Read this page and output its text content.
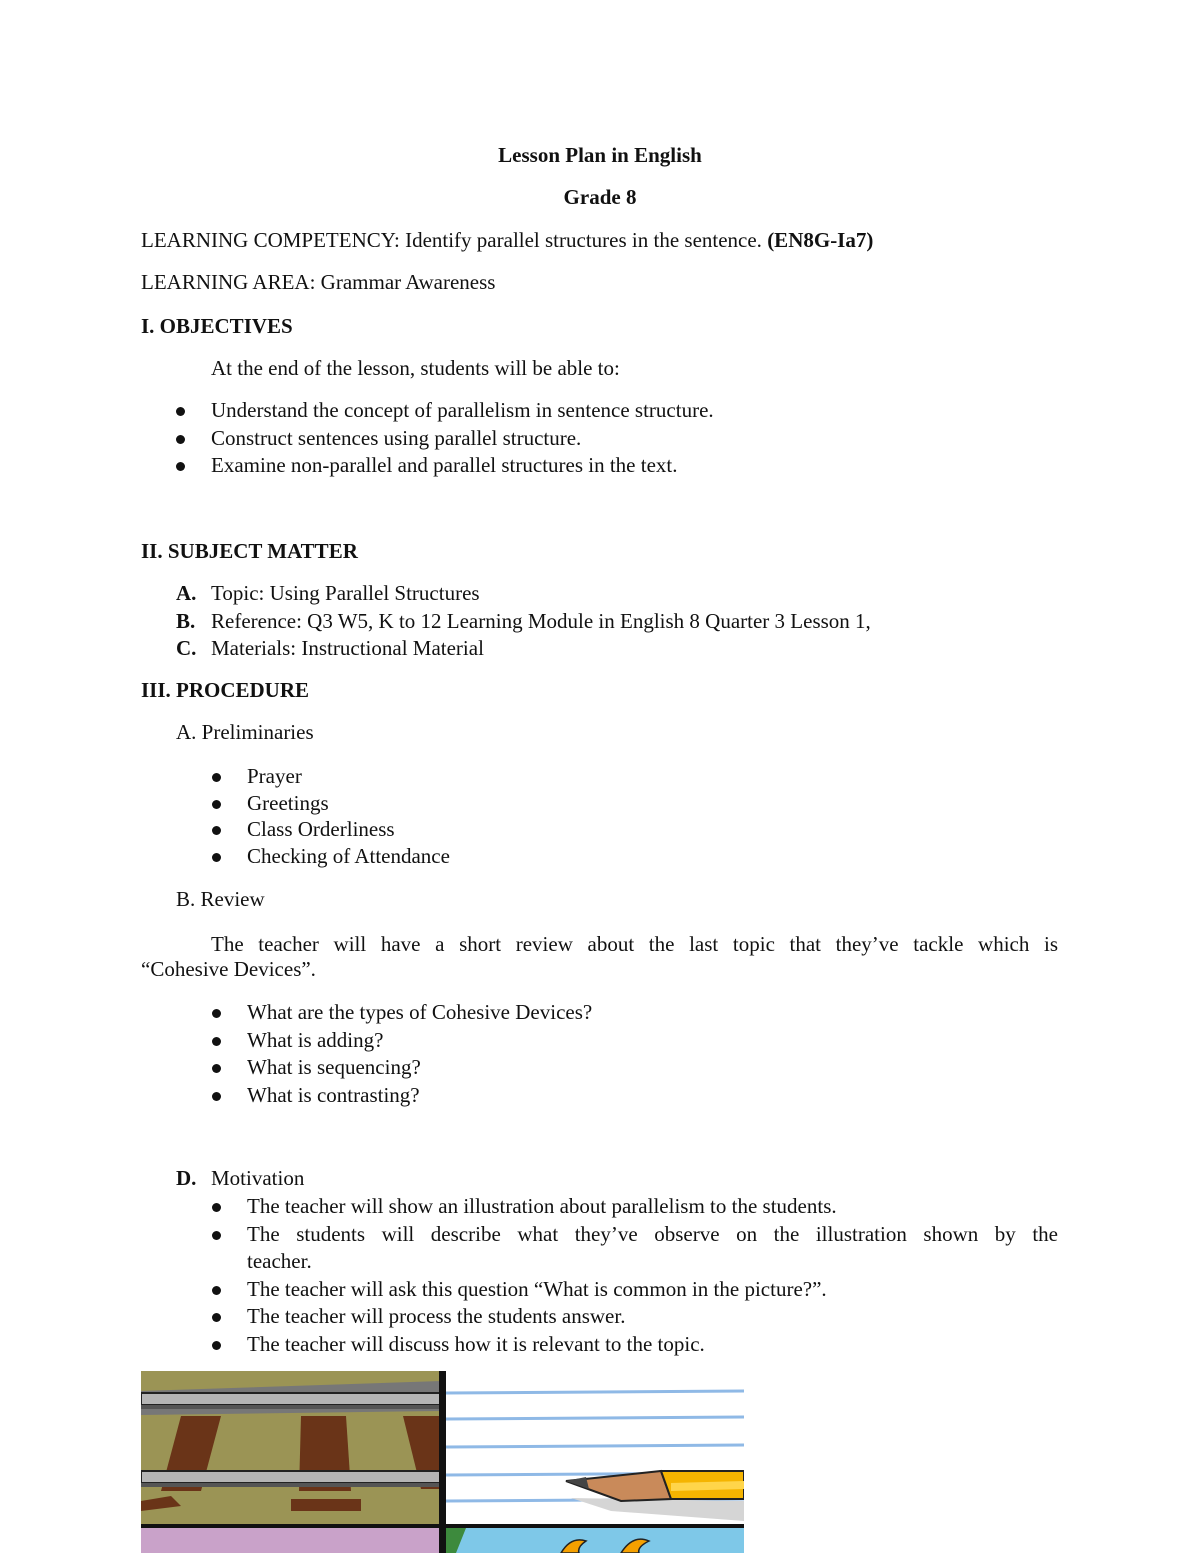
Lesson Plan in English
Grade 8
LEARNING COMPETENCY: Identify parallel structures in the sentence. (EN8G-Ia7)
LEARNING AREA: Grammar Awareness
I. OBJECTIVES
At the end of the lesson, students will be able to:
Understand the concept of parallelism in sentence structure.
Construct sentences using parallel structure.
Examine non-parallel and parallel structures in the text.
II. SUBJECT MATTER
A. Topic: Using Parallel Structures
B. Reference: Q3 W5, K to 12 Learning Module in English 8 Quarter 3 Lesson 1,
C. Materials: Instructional Material
III. PROCEDURE
A. Preliminaries
Prayer
Greetings
Class Orderliness
Checking of Attendance
B. Review
The teacher will have a short review about the last topic that they’ve tackle which is
“Cohesive Devices”.
What are the types of Cohesive Devices?
What is adding?
What is sequencing?
What is contrasting?
D. Motivation
The teacher will show an illustration about parallelism to the students.
The students will describe what they’ve observe on the illustration shown by the
teacher.
The teacher will ask this question “What is common in the picture?”.
The teacher will process the students answer.
The teacher will discuss how it is relevant to the topic.
